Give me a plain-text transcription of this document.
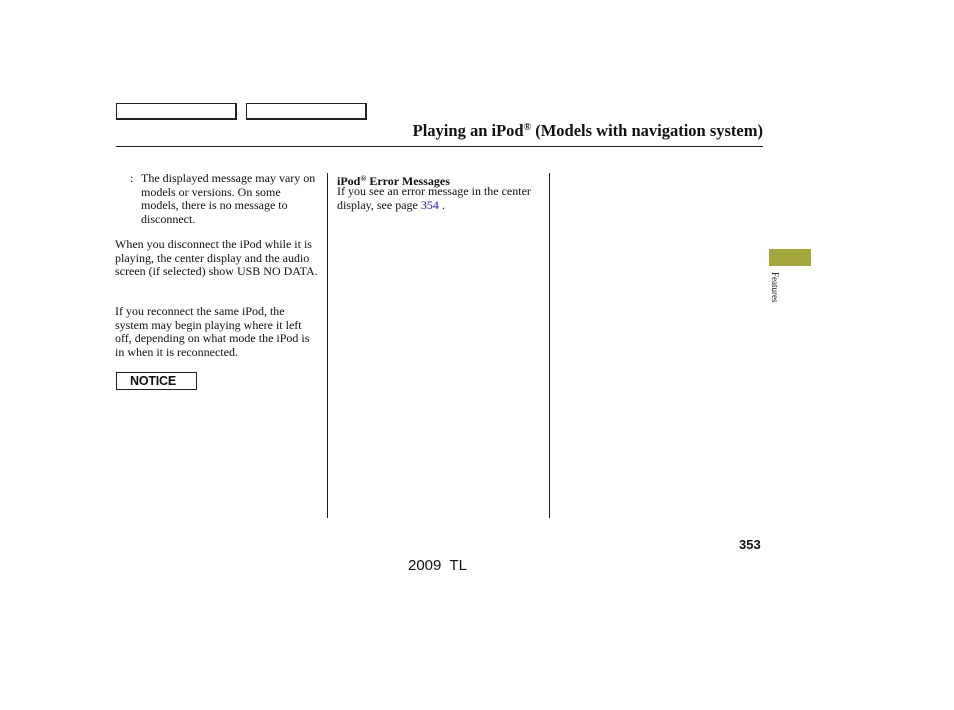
Playing an iPod® (Models with navigation system)
: The displayed message may vary on models or versions. On some models, there is no message to disconnect.
When you disconnect the iPod while it is playing, the center display and the audio screen (if selected) show USB NO DATA.
If you reconnect the same iPod, the system may begin playing where it left off, depending on what mode the iPod is in when it is reconnected.
NOTICE
iPod® Error Messages
If you see an error message in the center display, see page 354 .
Features
353
2009  TL
